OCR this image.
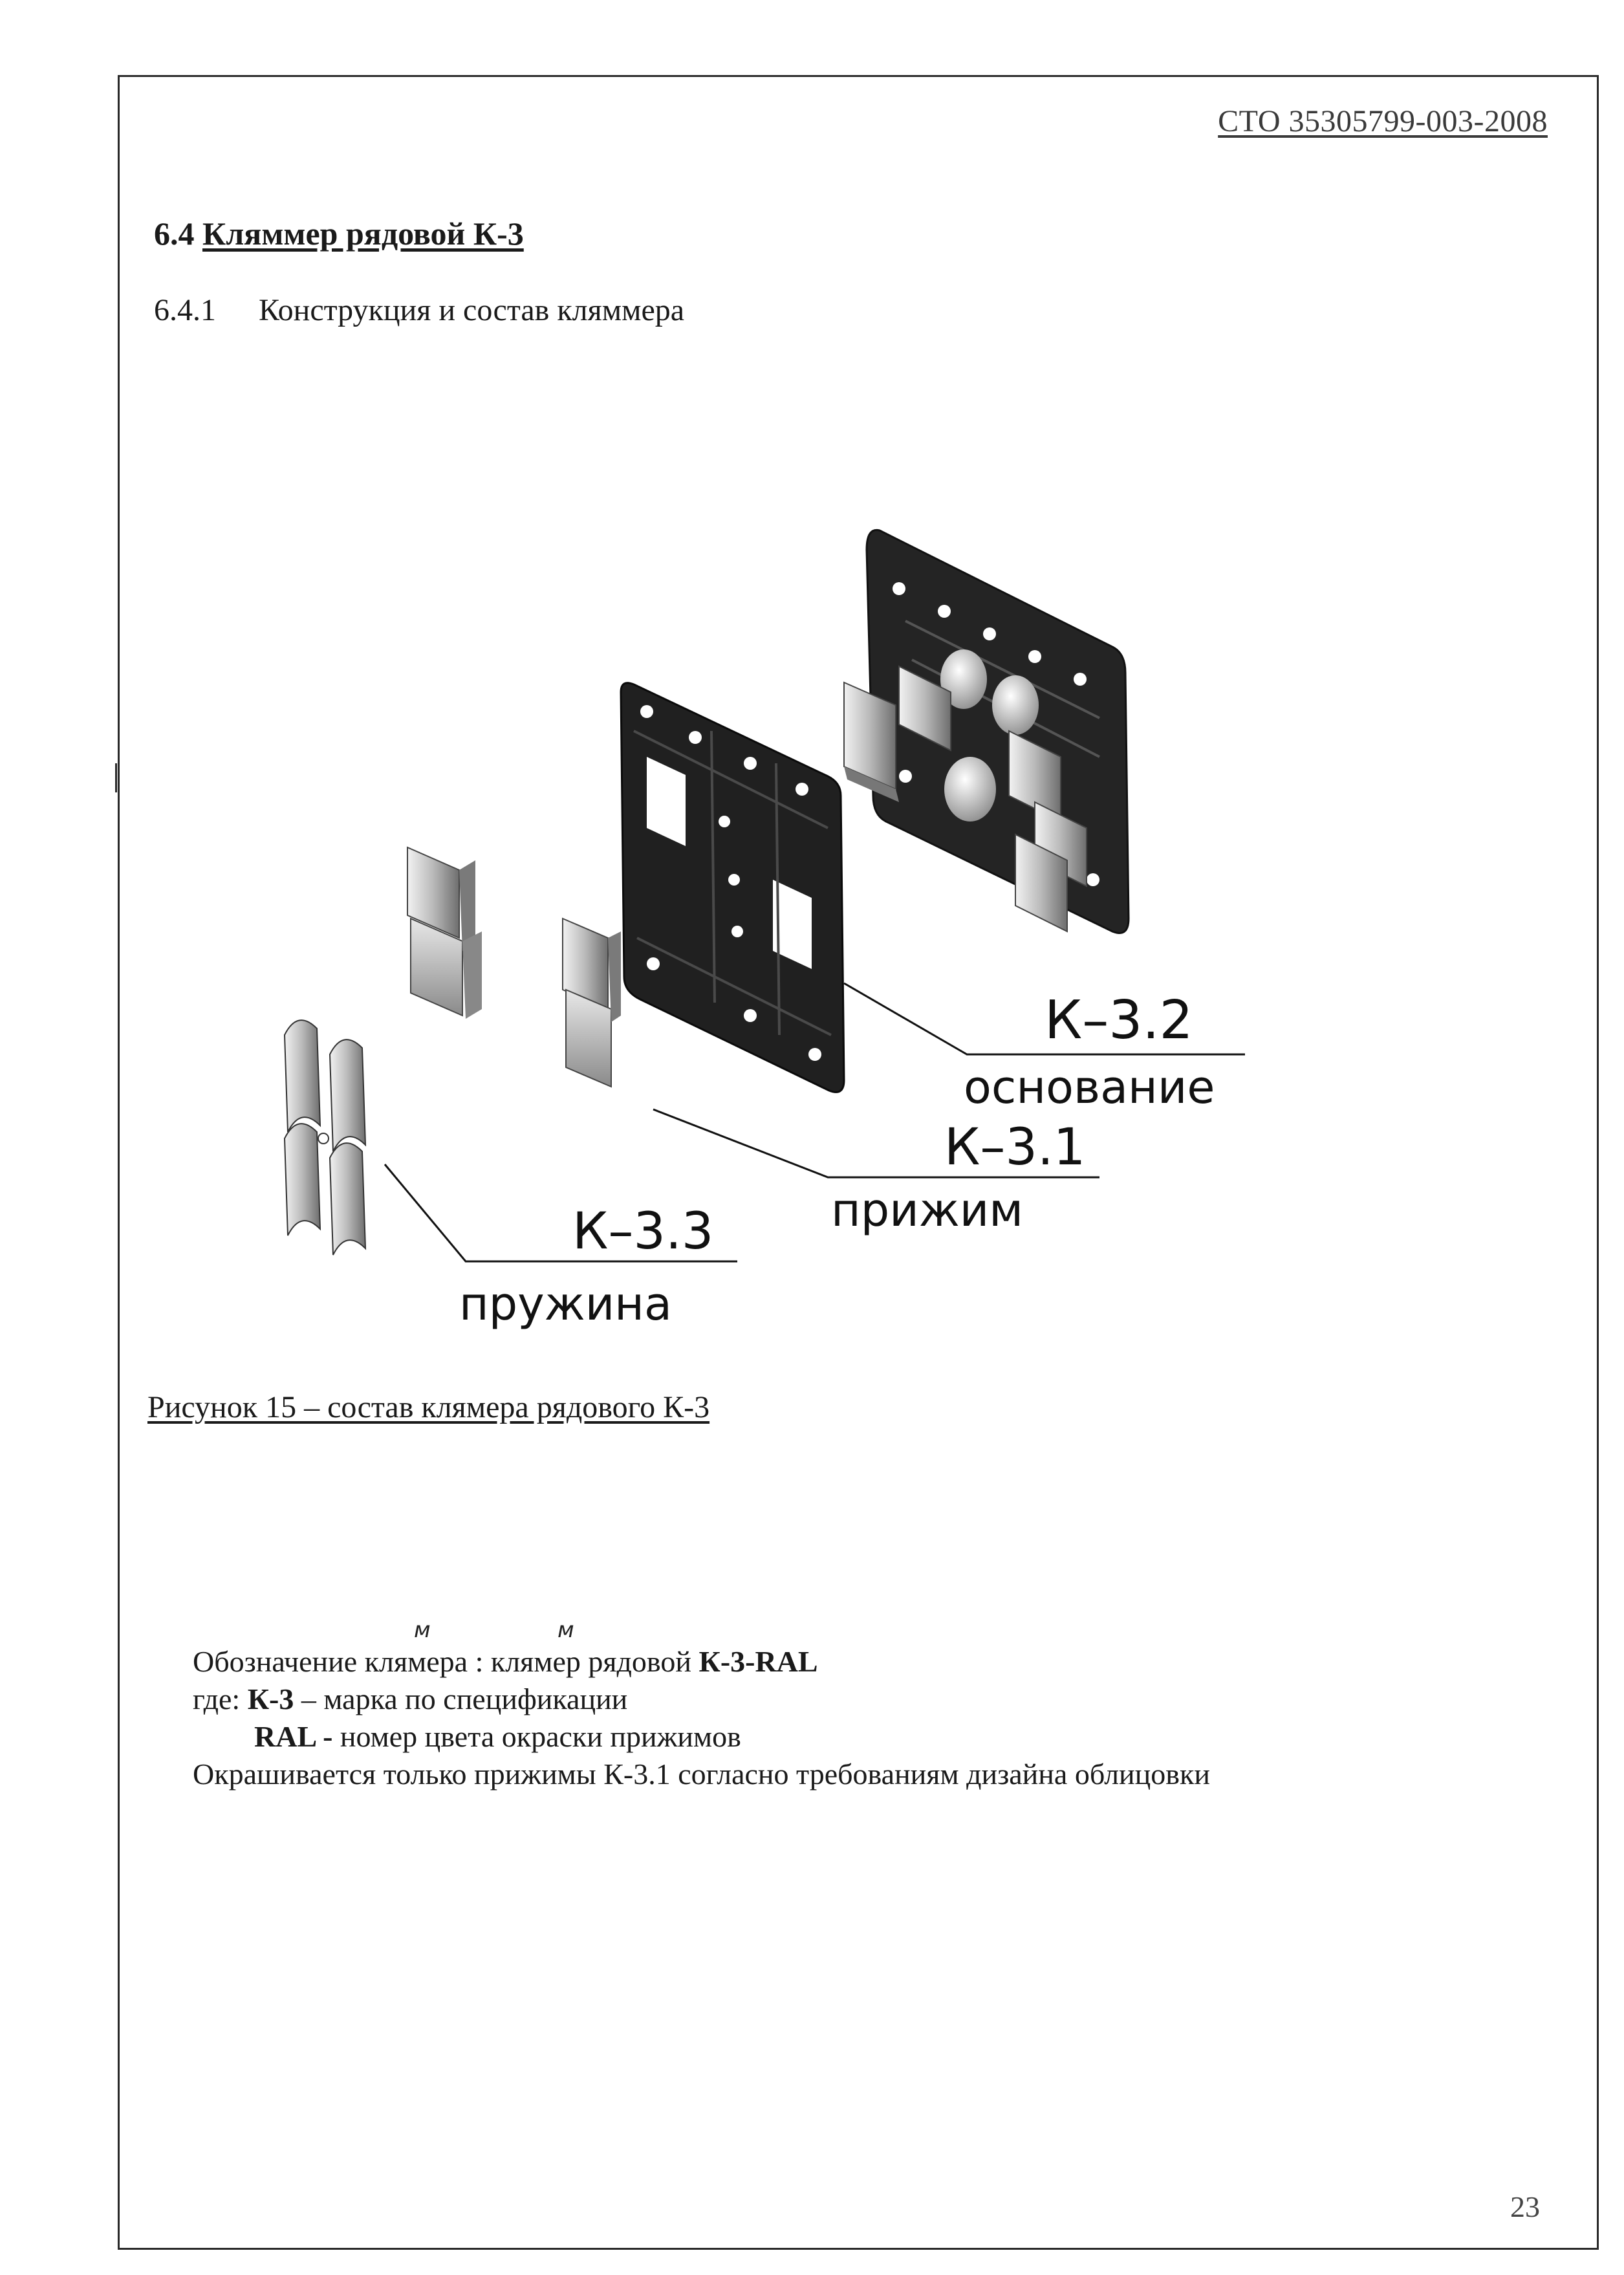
СТО 35305799-003-2008
6.4 Кляммер рядовой К-3
6.4.1 Конструкция и состав кляммера
К–3.2
основание
К–3.1
прижим
К–3.3
пружина
Рисунок 15 – состав клямера рядового К-3
Обозначение клямера : клямер рядовой К-3-RAL
где: К-3 – марка по спецификации
RAL - номер цвета окраски прижимов
Окрашивается только прижимы К-3.1 согласно требованиям дизайна облицовки
м	м
23
